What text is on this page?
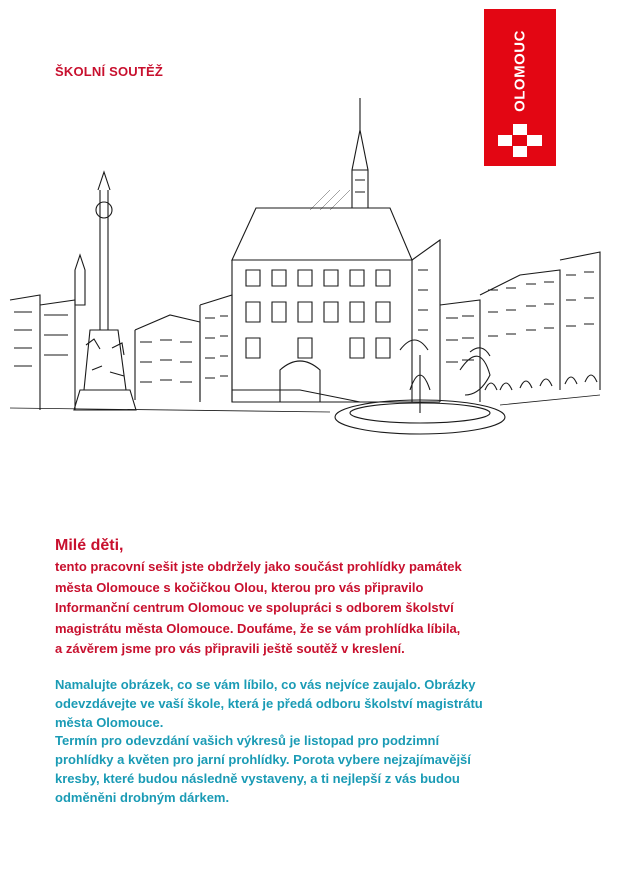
ŠKOLNÍ SOUTĚŽ	OLOMOUC
Milé děti,

tento pracovní sešit jste obdržely jako součást prohlídky památek
města Olomouce s kočičkou Olou, kterou pro vás připravilo
Informanční centrum Olomouc ve spolupráci s odborem školství
magistrátu města Olomouce. Doufáme, že se vám prohlídka líbila,
a závěrem jsme pro vás připravili ještě soutěž v kreslení.

Namalujte obrázek, co se vám líbilo, co vás nejvíce zaujalo. Obrázky
odevzdávejte ve vaší škole, která je předá odboru školství magistrátu
města Olomouce.
Termín pro odevzdání vašich výkresů je listopad pro podzimní
prohlídky a květen pro jarní prohlídky. Porota vybere nejzajímavější
kresby, které budou následně vystaveny, a ti nejlepší z vás budou
odměněni drobným dárkem.
